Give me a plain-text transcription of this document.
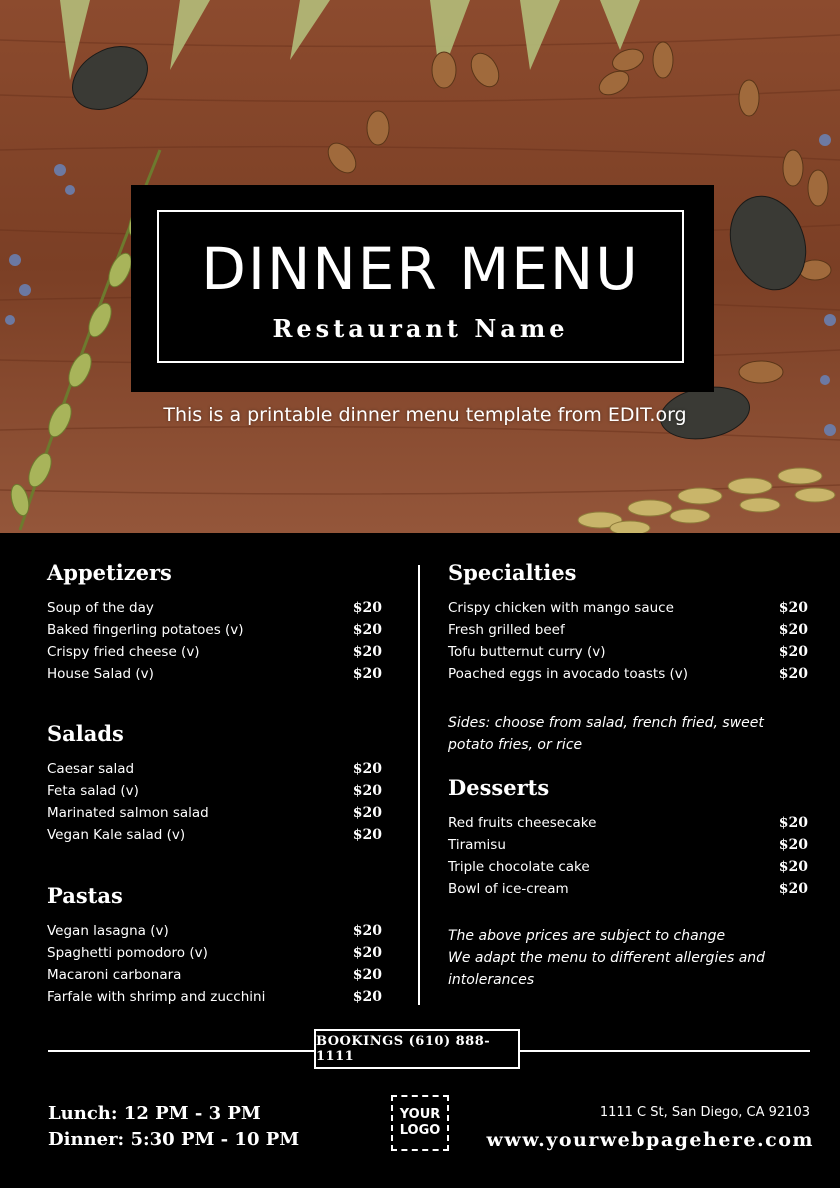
DINNER MENU
Restaurant Name
This is a printable dinner menu template from EDIT.org
Appetizers
Soup of the day	$20
Baked fingerling potatoes (v)	$20
Crispy fried cheese (v)	$20
House Salad (v)	$20
Salads
Caesar salad	$20
Feta salad (v)	$20
Marinated salmon salad	$20
Vegan Kale salad (v)	$20
Pastas
Vegan lasagna (v)	$20
Spaghetti pomodoro (v)	$20
Macaroni carbonara	$20
Farfale with shrimp and zucchini	$20
Specialties
Crispy chicken with mango sauce	$20
Fresh grilled beef	$20
Tofu butternut curry (v)	$20
Poached eggs in avocado toasts (v)	$20
Sides: choose from salad, french fried, sweet
potato fries, or rice
Desserts
Red fruits cheesecake	$20
Tiramisu	$20
Triple chocolate cake	$20
Bowl of ice-cream	$20
The above prices are subject to change
We adapt the menu to different allergies and
intolerances
BOOKINGS (610) 888-1111
Lunch: 12 PM - 3 PM
Dinner: 5:30 PM - 10 PM
YOUR
LOGO
1111 C St, San Diego, CA 92103
www.yourwebpagehere.com
